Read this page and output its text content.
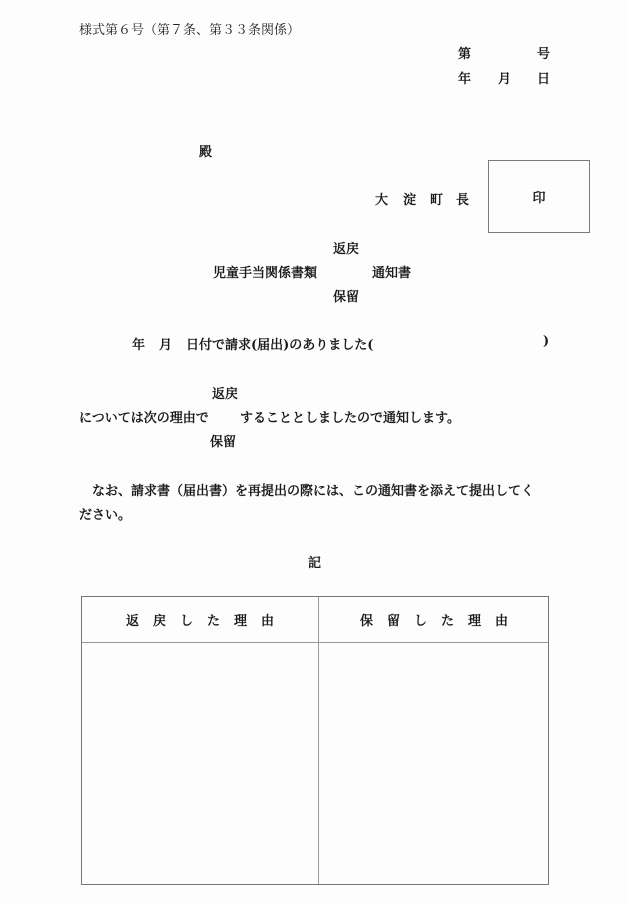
様式第６号（第７条、第３３条関係）
第	号
年 月 日
殿
大 淀 町 長	印
返戻
児童手当関係書類	通知書
保留
年 月 日付で請求(届出)のありました(	)
返戻
については次の理由で することとしましたので通知します。
保留
なお、請求書（届出書）を再提出の際には、この通知書を添えて提出してく
ださい。
記
返戻した理由	保留した理由
